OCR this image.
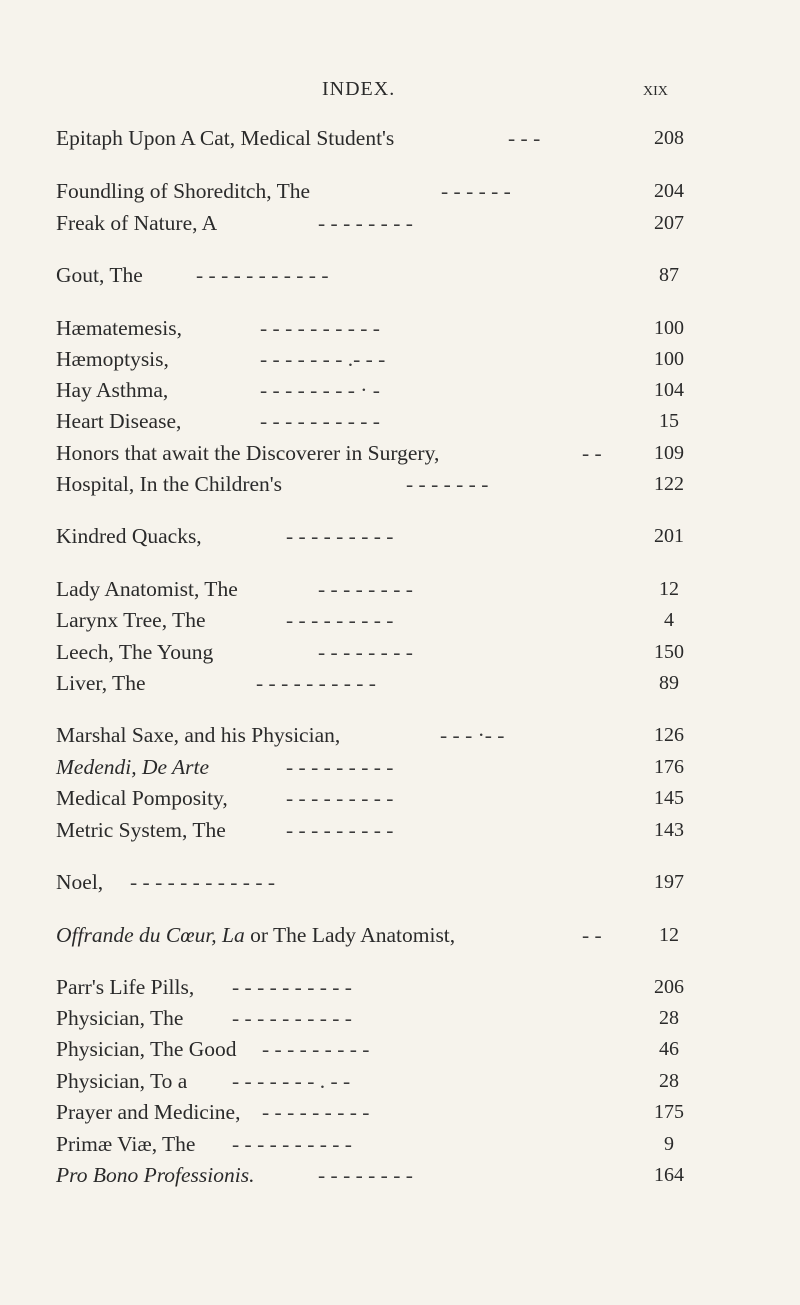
INDEX.	xix
Epitaph Upon A Cat, Medical Student's	- - -	208
Foundling of Shoreditch, The	- - - - - -	204
Freak of Nature, A	- - - - - - - -	207
Gout, The - - - - - - - - - - -	87
Hæmatemesis,	- - - - - - - - - -	100
Hæmoptysis,	- - - - - - - .- - -	100
Hay Asthma,	- - - - - - - - · -	104
Heart Disease,	- - - - - - - - - -	15
Honors that await the Discoverer in Surgery,	- -	109
Hospital, In the Children's	- - - - - - -	122
Kindred Quacks,	- - - - - - - - -	201
Lady Anatomist, The	- - - - - - - -	12
Larynx Tree, The	- - - - - - - - -	4
Leech, The Young	- - - - - - - -	150
Liver, The	- - - - - - - - - -	89
Marshal Saxe, and his Physician,	- - - ·- -	126
Medendi, De Arte	- - - - - - - - -	176
Medical Pomposity,	- - - - - - - - -	145
Metric System, The	- - - - - - - - -	143
Noel, - - - - - - - - - - - -	197
Offrande du Cœur, La or The Lady Anatomist,	- -	12
Parr's Life Pills, - - - - - - - - - -	206
Physician, The - - - - - - - - - -	28
Physician, The Good - - - - - - - - -	46
Physician, To a - - - - - - - . - -	28
Prayer and Medicine, - - - - - - - - -	175
Primæ Viæ, The - - - - - - - - - -	9
Pro Bono Professionis.	- - - - - - - -	164
